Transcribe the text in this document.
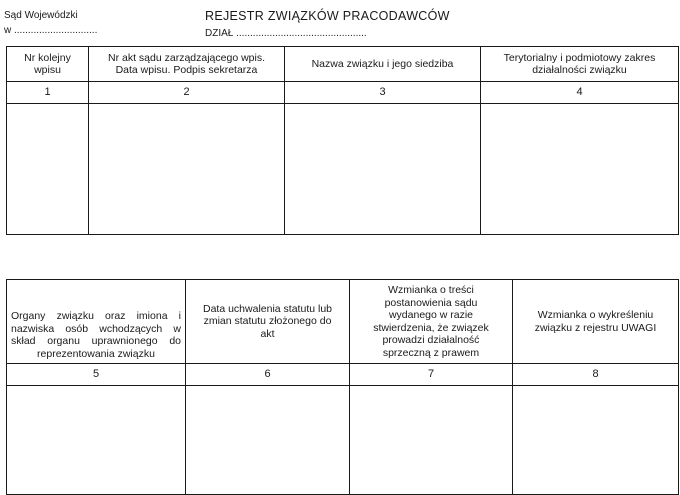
Sąd Wojewódzki
w ..............................
REJESTR ZWIĄZKÓW PRACODAWCÓW
DZIAŁ ...............................................
Nr kolejny wpisu	Nr akt sądu zarządzającego wpis. Data wpisu. Podpis sekretarza	Nazwa związku i jego siedziba	Terytorialny i podmiotowy zakres działalności związku
1	2	3	4

Organy związku oraz imiona i nazwiska osób wchodzących w skład organu uprawnionego do reprezentowania związku	Data uchwalenia statutu lub zmian statutu złożonego do akt	Wzmianka o treści postanowienia sądu wydanego w razie stwierdzenia, że związek prowadzi działalność sprzeczną z prawem	Wzmianka o wykreśleniu związku z rejestru UWAGI
5	6	7	8
